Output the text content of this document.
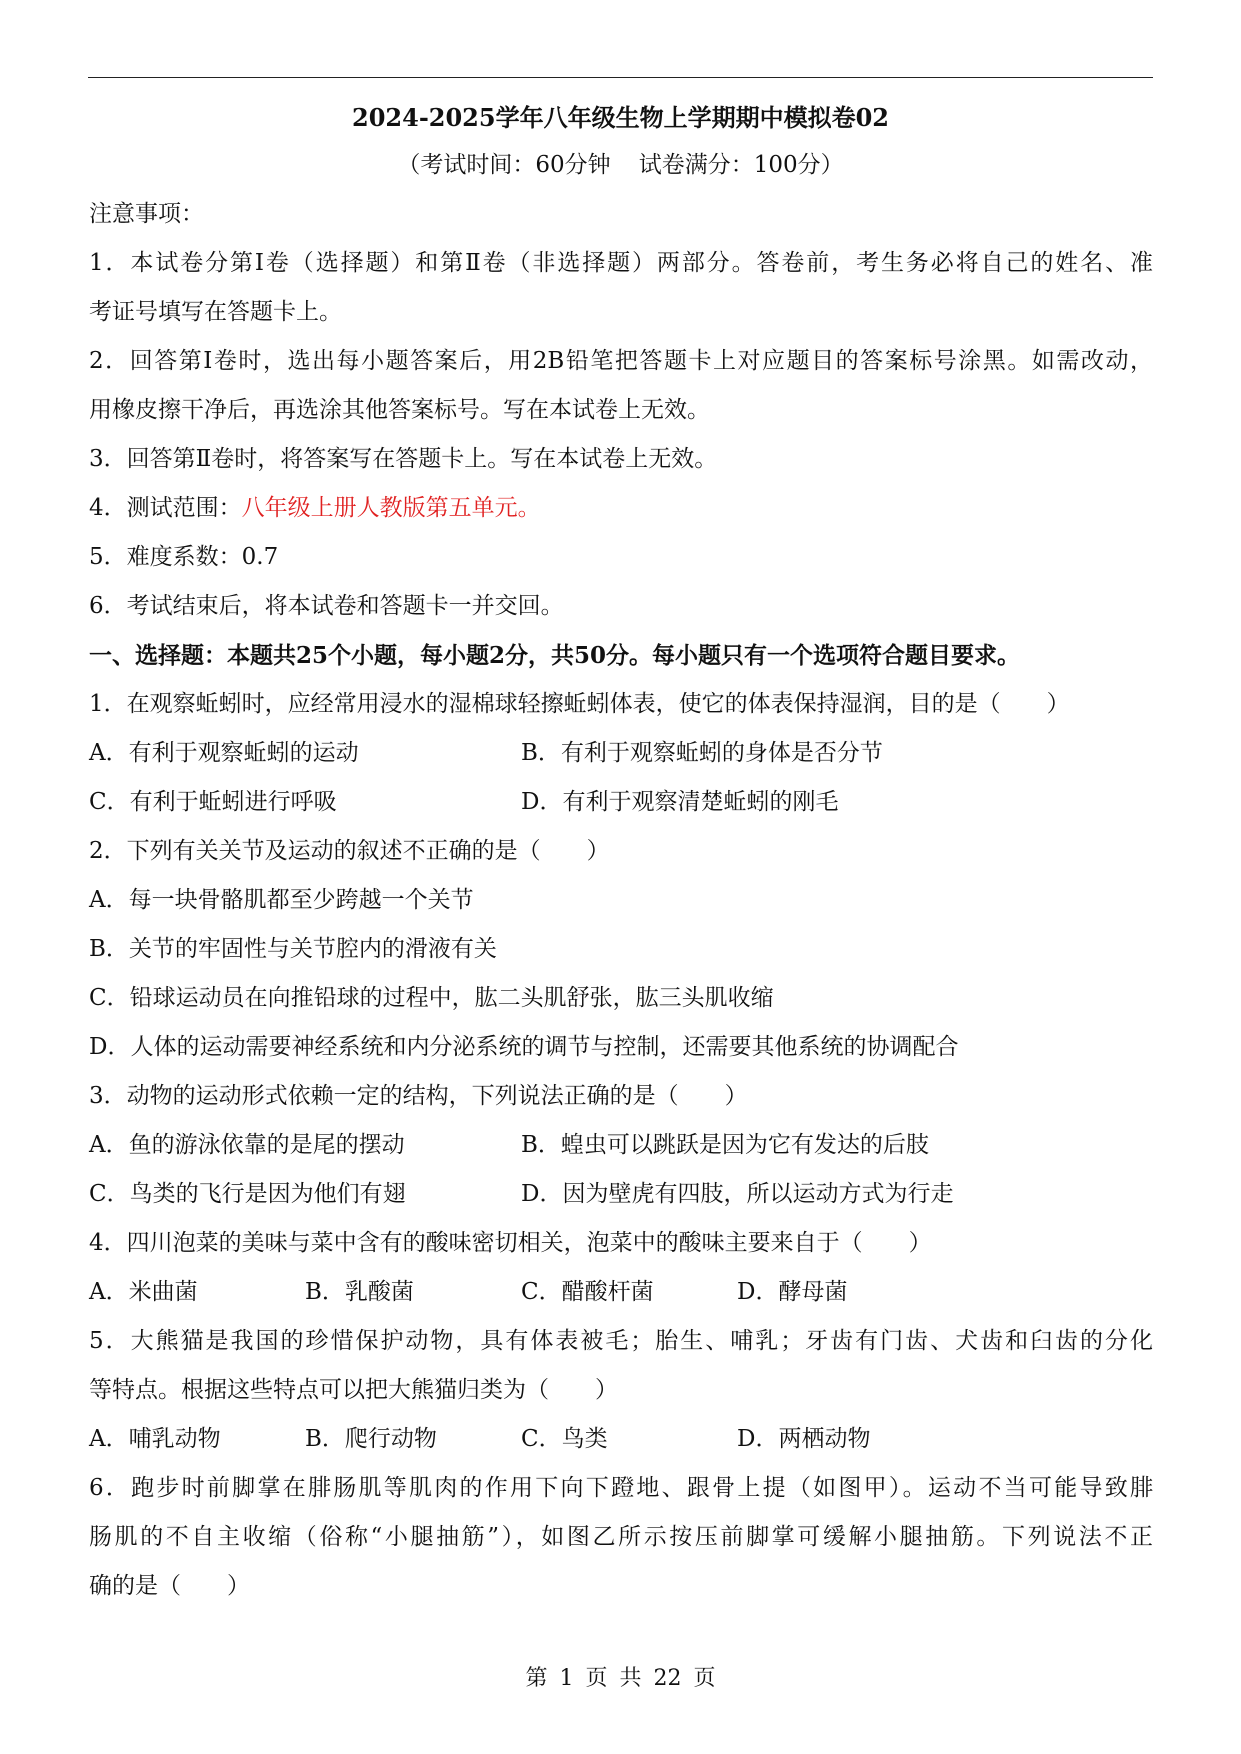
2024-2025学年八年级生物上学期期中模拟卷02
（考试时间：60分钟 试卷满分：100分）
注意事项：
1．本试卷分第Ⅰ卷（选择题）和第Ⅱ卷（非选择题）两部分。答卷前，考生务必将自己的姓名、准
考证号填写在答题卡上。
2．回答第Ⅰ卷时，选出每小题答案后，用2B铅笔把答题卡上对应题目的答案标号涂黑。如需改动，
用橡皮擦干净后，再选涂其他答案标号。写在本试卷上无效。
3．回答第Ⅱ卷时，将答案写在答题卡上。写在本试卷上无效。
4．测试范围：八年级上册人教版第五单元。
5．难度系数：0.7
6．考试结束后，将本试卷和答题卡一并交回。
一、选择题：本题共25个小题，每小题2分，共50分。每小题只有一个选项符合题目要求。
1．在观察蚯蚓时，应经常用浸水的湿棉球轻擦蚯蚓体表，使它的体表保持湿润，目的是（　　）
A．有利于观察蚯蚓的运动	B．有利于观察蚯蚓的身体是否分节
C．有利于蚯蚓进行呼吸	D．有利于观察清楚蚯蚓的刚毛
2．下列有关关节及运动的叙述不正确的是（　　）
A．每一块骨骼肌都至少跨越一个关节
B．关节的牢固性与关节腔内的滑液有关
C．铅球运动员在向推铅球的过程中，肱二头肌舒张，肱三头肌收缩
D．人体的运动需要神经系统和内分泌系统的调节与控制，还需要其他系统的协调配合
3．动物的运动形式依赖一定的结构，下列说法正确的是（　　）
A．鱼的游泳依靠的是尾的摆动	B．蝗虫可以跳跃是因为它有发达的后肢
C．鸟类的飞行是因为他们有翅	D．因为壁虎有四肢，所以运动方式为行走
4．四川泡菜的美味与菜中含有的酸味密切相关，泡菜中的酸味主要来自于（　　）
A．米曲菌	B．乳酸菌	C．醋酸杆菌	D．酵母菌
5．大熊猫是我国的珍惜保护动物，具有体表被毛；胎生、哺乳；牙齿有门齿、犬齿和臼齿的分化
等特点。根据这些特点可以把大熊猫归类为（　　）
A．哺乳动物	B．爬行动物	C．鸟类	D．两栖动物
6．跑步时前脚掌在腓肠肌等肌肉的作用下向下蹬地、跟骨上提（如图甲）。运动不当可能导致腓
肠肌的不自主收缩（俗称“小腿抽筋”），如图乙所示按压前脚掌可缓解小腿抽筋。下列说法不正
确的是（　　）
第 1 页 共 22 页
